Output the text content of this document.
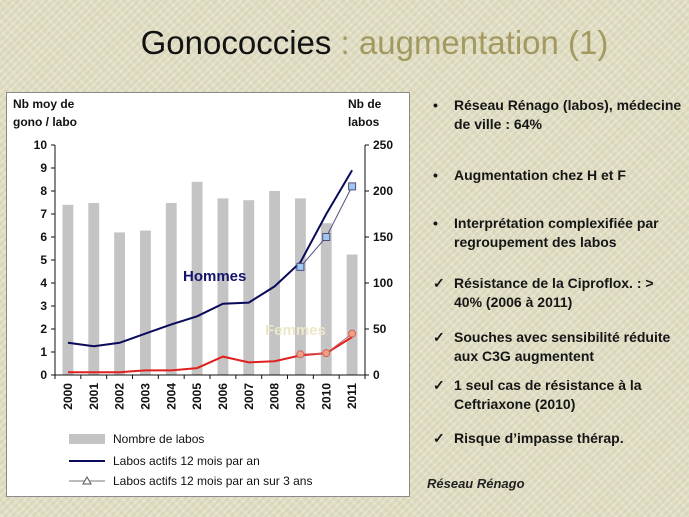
Gonococcies : augmentation (1)
Nb moy de
gono / labo
Nb de
labos
0
1
2
3
4
5
6
7
8
9
10
0
50
100
150
200
250
2000 2001 2002 2003 2004 2005 2006 2007 2008 2009 2010 2011
Hommes
Femmes
Nombre de labos
Labos actifs 12 mois par an
Labos actifs 12 mois par an sur 3 ans
• Réseau Rénago (labos), médecine de ville : 64%
• Augmentation chez H et F
• Interprétation complexifiée par regroupement des labos
✓ Résistance de la Ciproflox. : > 40% (2006 à 2011)
✓ Souches avec sensibilité réduite aux C3G augmentent
✓ 1 seul cas de résistance à la Ceftriaxone (2010)
✓ Risque d’impasse thérap.
Réseau Rénago
